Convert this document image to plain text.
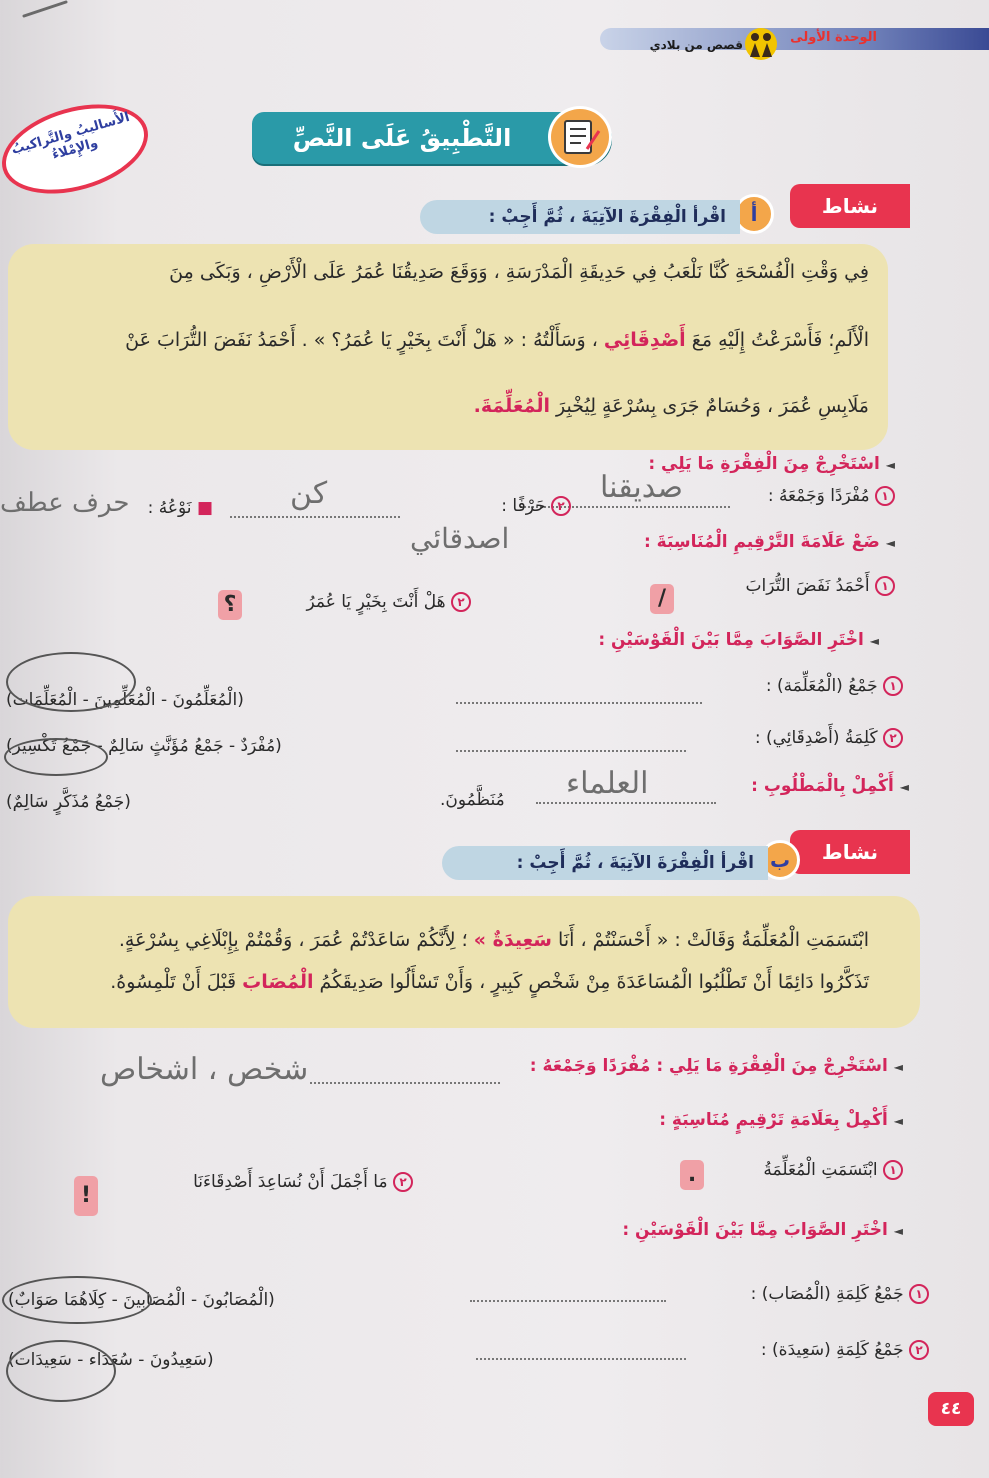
الوحدة الأولى
قصص من بلادي
الأَساليبُ والتَّراكيبُ والإِمْلاءُ	التَّطْبِيقُ عَلَى النَّصِّ
نشاط
أ
اقْرأ الْفِقْرَةَ الآتِيَةَ ، ثُمَّ أَجِبْ :
فِي وَقْتِ الْفُسْحَةِ كُنَّا نَلْعَبُ فِي حَدِيقَةِ الْمَدْرَسَةِ ، وَوَقَعَ صَدِيقُنَا عُمَرُ عَلَى الْأَرْضِ ، وَبَكَى مِنَ
الْأَلَمِ؛ فَأَسْرَعْتُ إِلَيْهِ مَعَ أَصْدِقَائِي ، وَسَأَلْتُهُ : « هَلْ أَنْتَ بِخَيْرٍ يَا عُمَرُ؟ » . أَحْمَدُ نَفَضَ التُّرَابَ عَنْ
مَلَابِسِ عُمَرَ ، وَحُسَامٌ جَرَى بِسُرْعَةٍ لِيُخْبِرَ الْمُعَلِّمَةَ.
◄ اسْتَخْرِجْ مِنَ الْفِقْرَةِ مَا يَلِي :
١ مُفْرَدًا وَجَمْعَهُ :
صديقنا
٢ حَرْفًا :
كن
■ نَوْعُهُ :
حرف عطف
اصدقائي	◄ ضَعْ عَلَامَةَ التَّرْقِيمِ الْمُنَاسِبَةَ :
١ أَحْمَدُ نَفَضَ التُّرَابَ
/
٢ هَلْ أَنْتَ بِخَيْرٍ يَا عُمَرُ
؟
◄ اخْتَرِ الصَّوَابَ مِمَّا بَيْنَ الْقَوْسَيْنِ :
١ جَمْعُ (الْمُعَلِّمَة) :
(الْمُعَلِّمُونَ - الْمُعَلِّمِينَ - الْمُعَلِّمَات)
٢ كَلِمَةُ (أَصْدِقَائِي) :
(مُفْرَدٌ - جَمْعُ مُؤَنَّثٍ سَالِمٌ - جَمْعُ تَكْسِير)
(جَمْعُ مُذَكَّرٍ سَالِمٌ)
◄ أَكْمِلْ بِالْمَطْلُوبِ :
العلماء
مُنَظَّمُونَ.
نشاط
ب
اقْرأ الْفِقْرَةَ الآتِيَةَ ، ثُمَّ أَجِبْ :
ابْتَسَمَتِ الْمُعَلِّمَةُ وَقَالَتْ : « أَحْسَنْتُمْ ، أَنَا سَعِيدَةٌ » ؛ لِأَنَّكُمْ سَاعَدْتُمْ عُمَرَ ، وَقُمْتُمْ بِإِبْلَاغِي بِسُرْعَةٍ.
تَذَكَّرُوا دَائِمًا أَنْ تَطْلُبُوا الْمُسَاعَدَةَ مِنْ شَخْصٍ كَبِيرٍ ، وَأَنْ تَسْأَلُوا صَدِيقَكُمُ الْمُصَابَ قَبْلَ أَنْ تَلْمِسُوهُ.
◄ اسْتَخْرِجْ مِنَ الْفِقْرَةِ مَا يَلِي : مُفْرَدًا وَجَمْعَهُ :
شخص ، اشخاص
◄ أَكْمِلْ بِعَلَامَةِ تَرْقِيمٍ مُنَاسِبَةٍ :
١ ابْتَسَمَتِ الْمُعَلِّمَةُ
.
٢ مَا أَجْمَلَ أَنْ نُسَاعِدَ أَصْدِقَاءَنَا
!
◄ اخْتَرِ الصَّوَابَ مِمَّا بَيْنَ الْقَوْسَيْنِ :
١ جَمْعُ كَلِمَةِ (الْمُصَاب) :
(الْمُصَابُونَ - الْمُصَابِينَ - كِلَاهُمَا صَوَابٌ)
٢ جَمْعُ كَلِمَةِ (سَعِيدَة) :
(سَعِيدُونَ - سُعَدَاء - سَعِيدَات)
٤٤
